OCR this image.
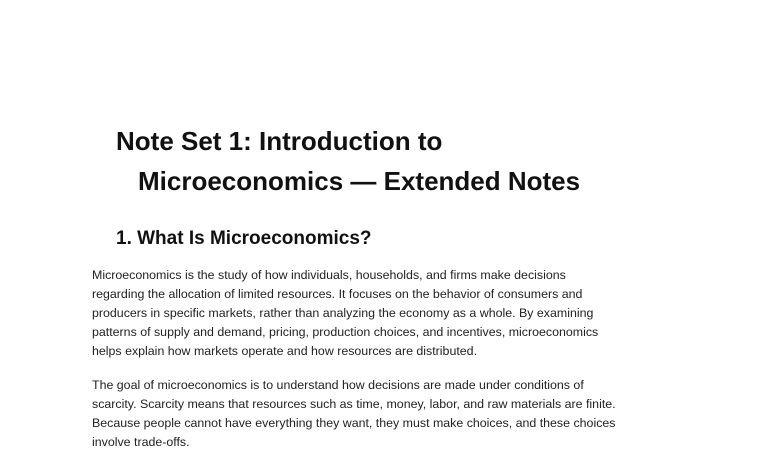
Note Set 1: Introduction to
Microeconomics — Extended Notes
1. What Is Microeconomics?

Microeconomics is the study of how individuals, households, and firms make decisions
regarding the allocation of limited resources. It focuses on the behavior of consumers and
producers in specific markets, rather than analyzing the economy as a whole. By examining
patterns of supply and demand, pricing, production choices, and incentives, microeconomics
helps explain how markets operate and how resources are distributed.

The goal of microeconomics is to understand how decisions are made under conditions of
scarcity. Scarcity means that resources such as time, money, labor, and raw materials are finite.
Because people cannot have everything they want, they must make choices, and these choices
involve trade-offs.
